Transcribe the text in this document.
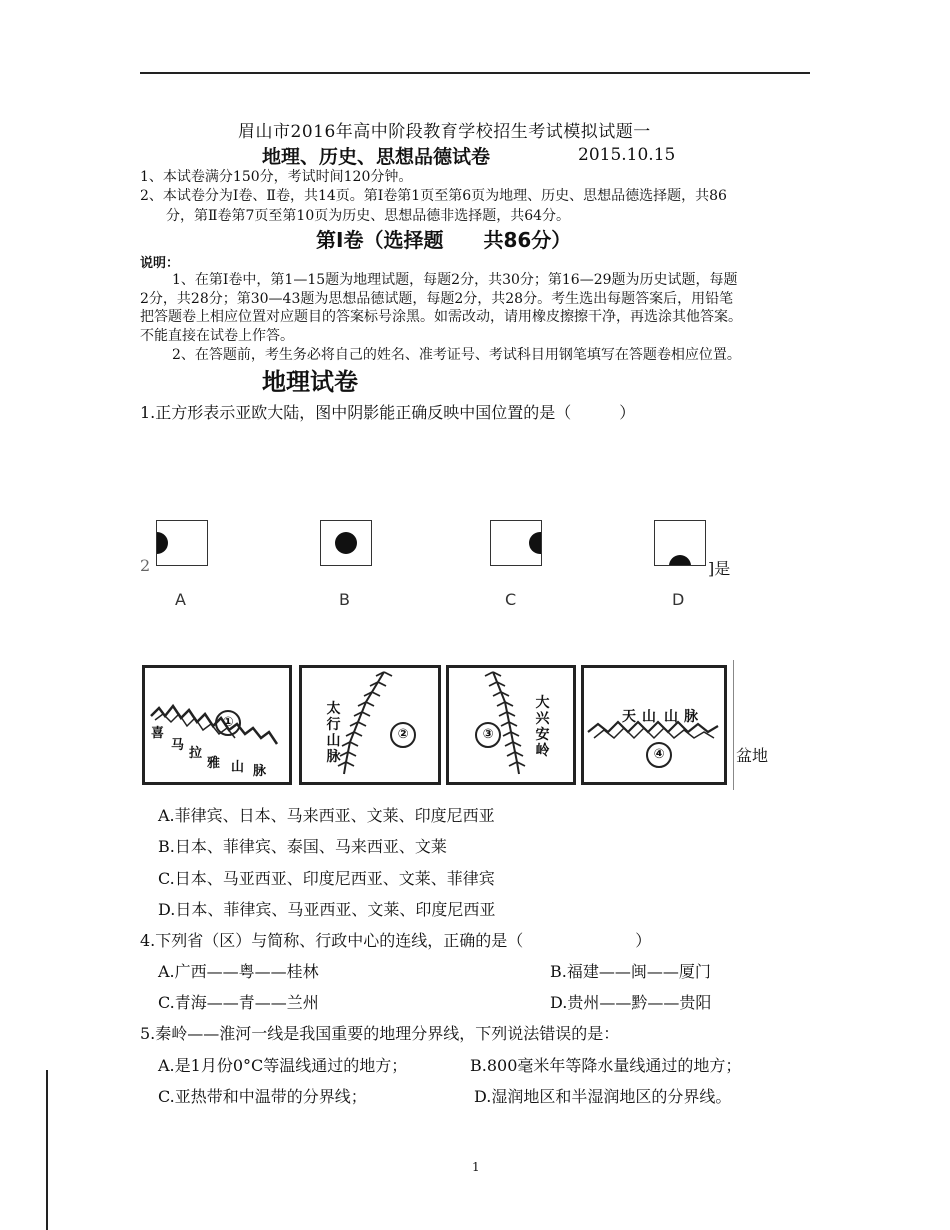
眉山市2016年高中阶段教育学校招生考试模拟试题一
地理、历史、思想品德试卷	2015.10.15
1、本试卷满分150分，考试时间120分钟。
2、本试卷分为Ⅰ卷、Ⅱ卷，共14页。第Ⅰ卷第1页至第6页为地理、历史、思想品德选择题，共86
分，第Ⅱ卷第7页至第10页为历史、思想品德非选择题，共64分。
第Ⅰ卷（选择题　　共86分）
说明：
1、在第Ⅰ卷中，第1—15题为地理试题，每题2分，共30分；第16—29题为历史试题，每题
2分，共28分；第30—43题为思想品德试题，每题2分，共28分。考生选出每题答案后，用铅笔
把答题卷上相应位置对应题目的答案标号涂黑。如需改动，请用橡皮擦擦干净，再选涂其他答案。
不能直接在试卷上作答。
2、在答题前，考生务必将自己的姓名、准考证号、考试科目用钢笔填写在答题卷相应位置。
地理试卷
1.正方形表示亚欧大陆，图中阴影能正确反映中国位置的是（　　　）
A	B	C	D
2	]是
喜
马
拉
雅 山 脉
①
太
行
山
脉
②
大
兴
安
岭
③
天 山 山 脉
④	盆地
A.菲律宾、日本、马来西亚、文莱、印度尼西亚
B.日本、菲律宾、泰国、马来西亚、文莱
C.日本、马亚西亚、印度尼西亚、文莱、菲律宾
D.日本、菲律宾、马亚西亚、文莱、印度尼西亚
4.下列省（区）与简称、行政中心的连线，正确的是（　　　　　　　）
A.广西——粤——桂林	B.福建——闽——厦门
C.青海——青——兰州	D.贵州——黔——贵阳
5.秦岭——淮河一线是我国重要的地理分界线，下列说法错误的是：
A.是1月份0°C等温线通过的地方；	B.800毫米年等降水量线通过的地方；
C.亚热带和中温带的分界线；	D.湿润地区和半湿润地区的分界线。
1
